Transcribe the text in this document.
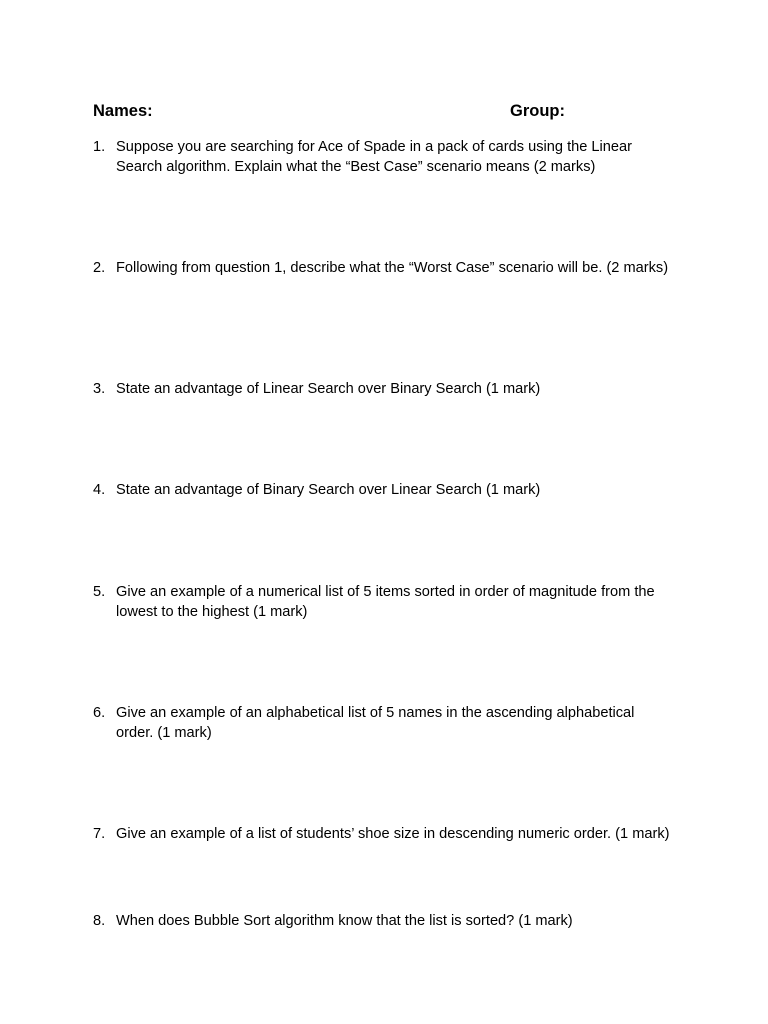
Names:	Group:

1. Suppose you are searching for Ace of Spade in a pack of cards using the Linear Search algorithm. Explain what the “Best Case” scenario means (2 marks)
2. Following from question 1, describe what the “Worst Case” scenario will be. (2 marks)
3. State an advantage of Linear Search over Binary Search (1 mark)
4. State an advantage of Binary Search over Linear Search (1 mark)
5. Give an example of a numerical list of 5 items sorted in order of magnitude from the lowest to the highest (1 mark)
6. Give an example of an alphabetical list of 5 names in the ascending alphabetical order. (1 mark)
7. Give an example of a list of students’ shoe size in descending numeric order. (1 mark)
8. When does Bubble Sort algorithm know that the list is sorted? (1 mark)
